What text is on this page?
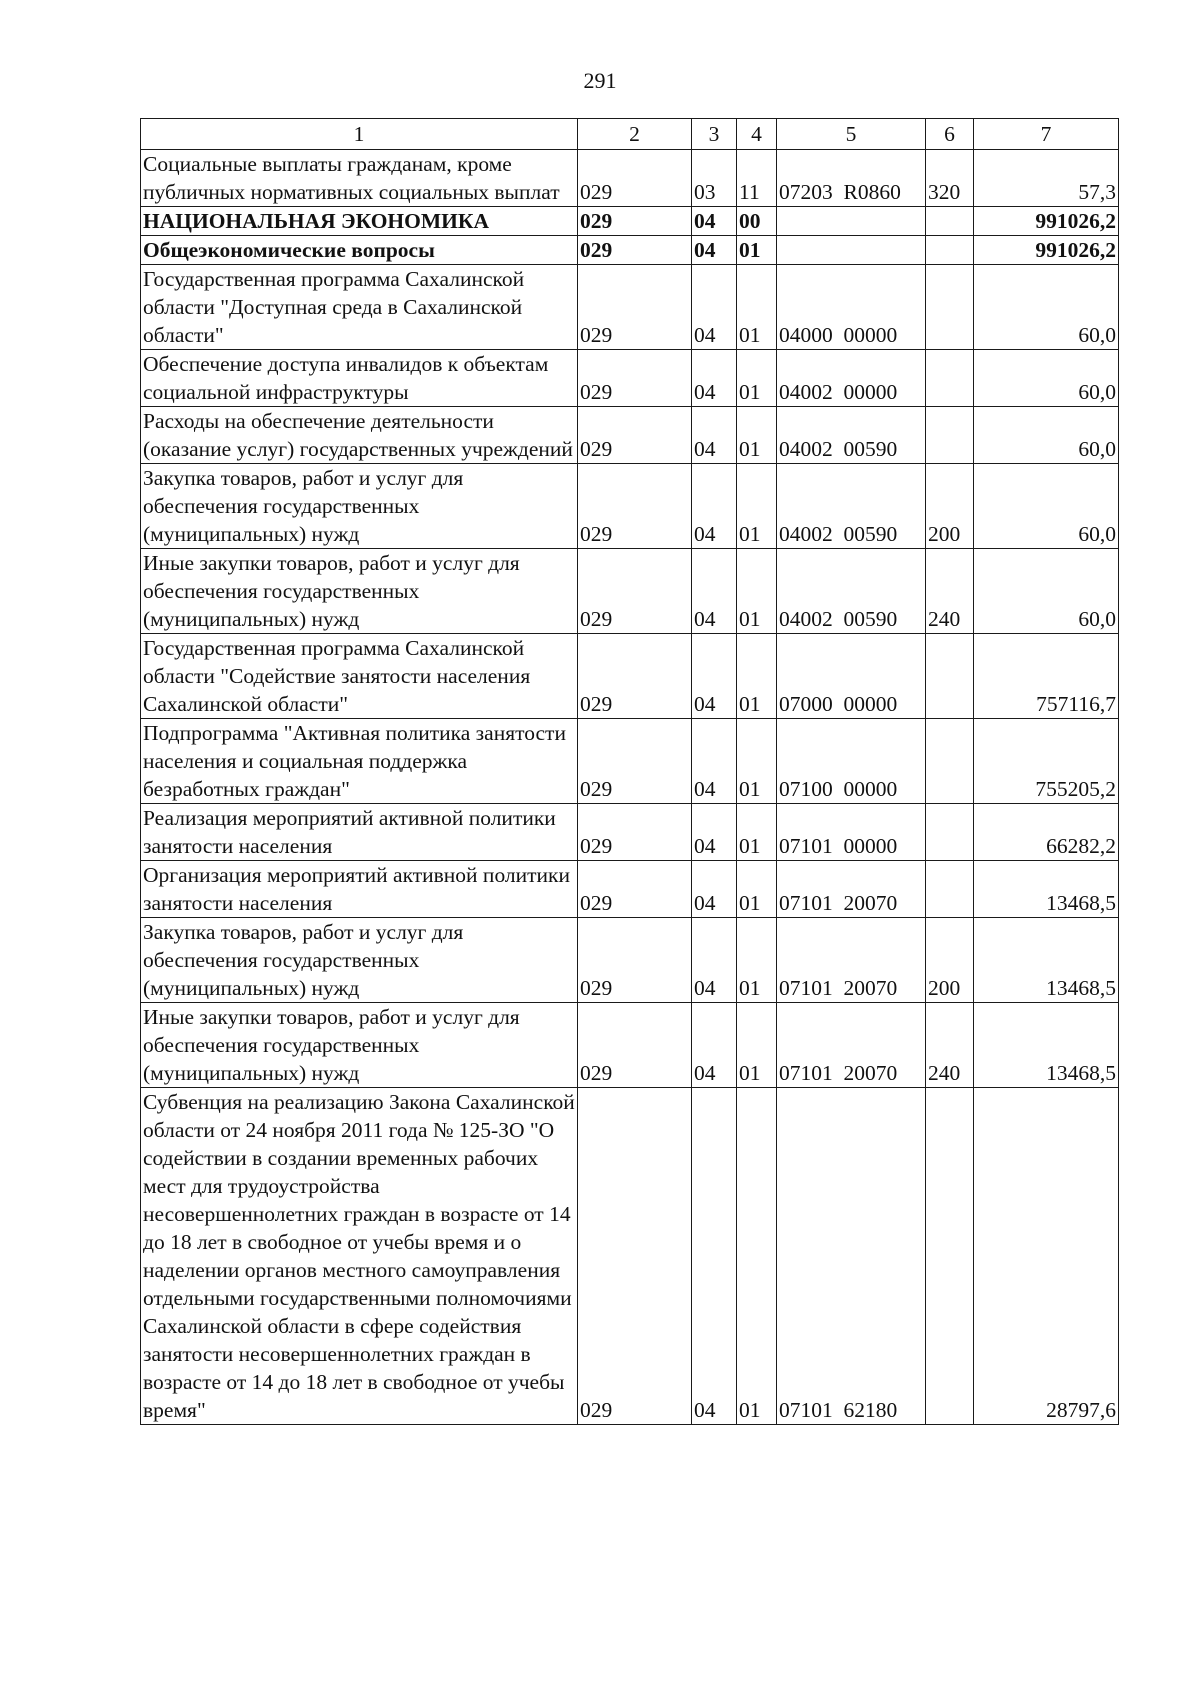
291
1	2	3	4	5	6	7
Социальные выплаты гражданам, кроме публичных нормативных социальных выплат	029	03	11	07203  R0860	320	57,3
НАЦИОНАЛЬНАЯ ЭКОНОМИКА	029	04	00			991026,2
Общеэкономические вопросы	029	04	01			991026,2
Государственная программа Сахалинской области "Доступная среда в Сахалинской области"	029	04	01	04000  00000		60,0
Обеспечение доступа инвалидов к объектам социальной инфраструктуры	029	04	01	04002  00000		60,0
Расходы на обеспечение деятельности (оказание услуг) государственных учреждений	029	04	01	04002  00590		60,0
Закупка товаров, работ и услуг для обеспечения государственных (муниципальных) нужд	029	04	01	04002  00590	200	60,0
Иные закупки товаров, работ и услуг для обеспечения государственных (муниципальных) нужд	029	04	01	04002  00590	240	60,0
Государственная программа Сахалинской области "Содействие занятости населения Сахалинской области"	029	04	01	07000  00000		757116,7
Подпрограмма "Активная политика занятости населения и социальная поддержка безработных граждан"	029	04	01	07100  00000		755205,2
Реализация мероприятий активной политики занятости населения	029	04	01	07101  00000		66282,2
Организация мероприятий активной политики занятости населения	029	04	01	07101  20070		13468,5
Закупка товаров, работ и услуг для обеспечения государственных (муниципальных) нужд	029	04	01	07101  20070	200	13468,5
Иные закупки товаров, работ и услуг для обеспечения государственных (муниципальных) нужд	029	04	01	07101  20070	240	13468,5
Субвенция на реализацию Закона Сахалинской области от 24 ноября 2011 года № 125-ЗО "О содействии в создании временных рабочих мест для трудоустройства несовершеннолетних граждан в возрасте от 14 до 18 лет в свободное от учебы время и о наделении органов местного самоуправления отдельными государственными полномочиями Сахалинской области в сфере содействия занятости несовершеннолетних граждан в возрасте от 14 до 18 лет в свободное от учебы время"	029	04	01	07101  62180		28797,6
